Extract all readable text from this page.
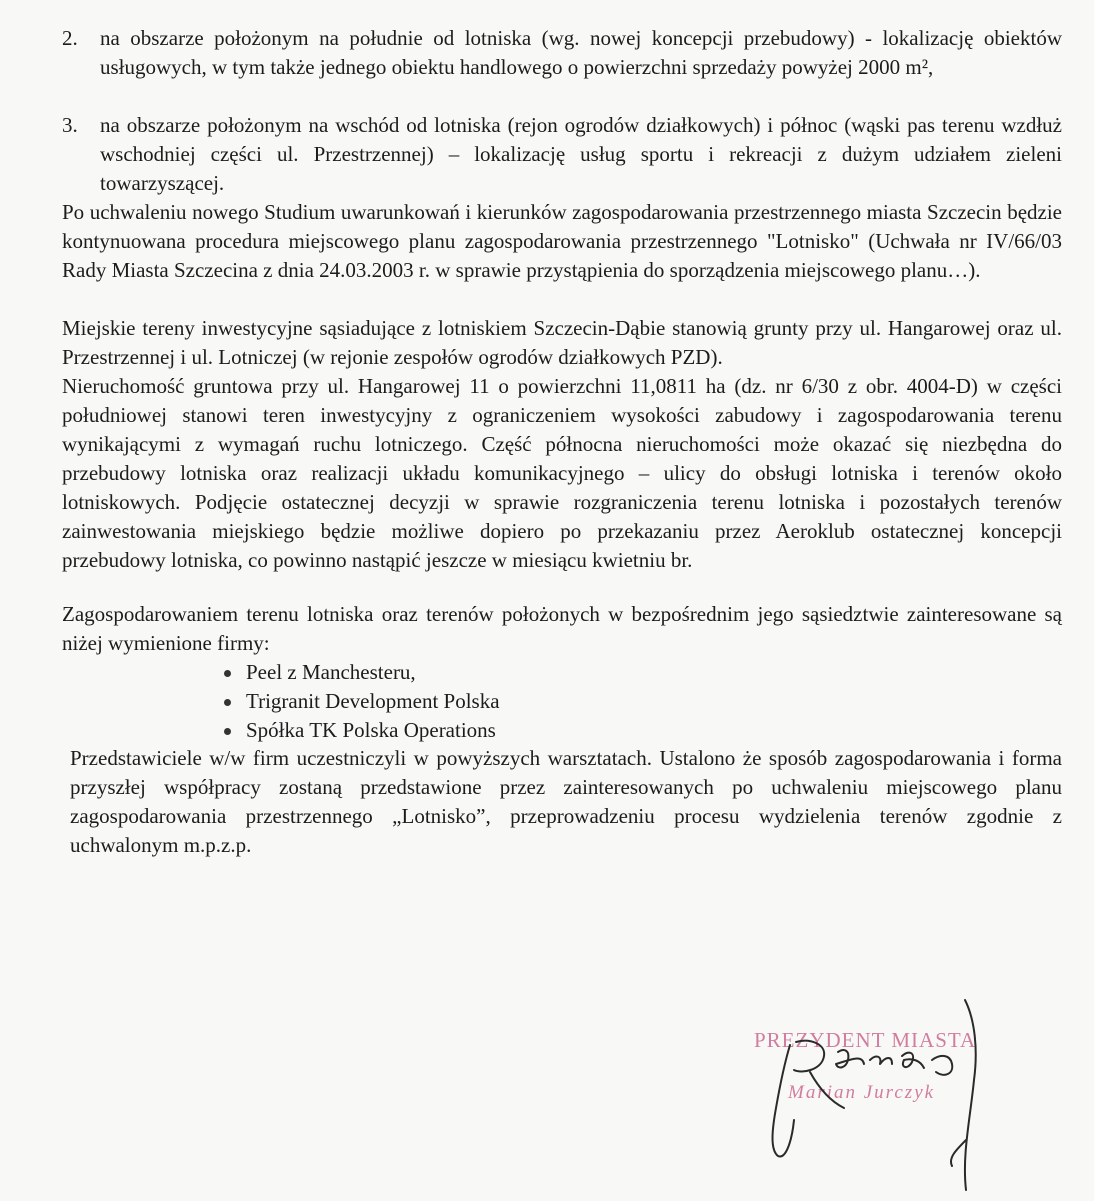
2.	na obszarze położonym na południe od lotniska (wg. nowej koncepcji przebudowy) - lokalizację obiektów usługowych, w tym także jednego obiektu handlowego o powierzchni sprzedaży powyżej 2000 m²,
3.	na obszarze położonym na wschód od lotniska (rejon ogrodów działkowych) i północ (wąski pas terenu wzdłuż wschodniej części ul. Przestrzennej) – lokalizację usług sportu i rekreacji z dużym udziałem zieleni towarzyszącej.
Po uchwaleniu nowego Studium uwarunkowań i kierunków zagospodarowania przestrzennego miasta Szczecin będzie kontynuowana procedura miejscowego planu zagospodarowania przestrzennego "Lotnisko" (Uchwała nr IV/66/03 Rady Miasta Szczecina z dnia 24.03.2003 r. w sprawie przystąpienia do sporządzenia miejscowego planu…).
Miejskie tereny inwestycyjne sąsiadujące z lotniskiem Szczecin-Dąbie stanowią grunty przy ul. Hangarowej oraz ul. Przestrzennej i ul. Lotniczej (w rejonie zespołów ogrodów działkowych PZD).
Nieruchomość gruntowa przy ul. Hangarowej 11 o powierzchni 11,0811 ha (dz. nr 6/30 z obr. 4004-D) w części południowej stanowi teren inwestycyjny z ograniczeniem wysokości zabudowy i zagospodarowania terenu wynikającymi z wymagań ruchu lotniczego. Część północna nieruchomości może okazać się niezbędna do przebudowy lotniska oraz realizacji układu komunikacyjnego – ulicy do obsługi lotniska i terenów około lotniskowych. Podjęcie ostatecznej decyzji w sprawie rozgraniczenia terenu lotniska i pozostałych terenów zainwestowania miejskiego będzie możliwe dopiero po przekazaniu przez Aeroklub ostatecznej koncepcji przebudowy lotniska, co powinno nastąpić jeszcze w miesiącu kwietniu br.
Zagospodarowaniem terenu lotniska oraz terenów położonych w bezpośrednim jego sąsiedztwie zainteresowane są niżej wymienione firmy:
Peel z Manchesteru,
Trigranit Development Polska
Spółka TK Polska Operations
Przedstawiciele w/w firm uczestniczyli w powyższych warsztatach. Ustalono że sposób zagospodarowania i forma przyszłej współpracy zostaną przedstawione przez zainteresowanych po uchwaleniu miejscowego planu zagospodarowania przestrzennego „Lotnisko”, przeprowadzeniu procesu wydzielenia terenów zgodnie z uchwalonym m.p.z.p.
PREZYDENT MIASTA
Marian Jurczyk
